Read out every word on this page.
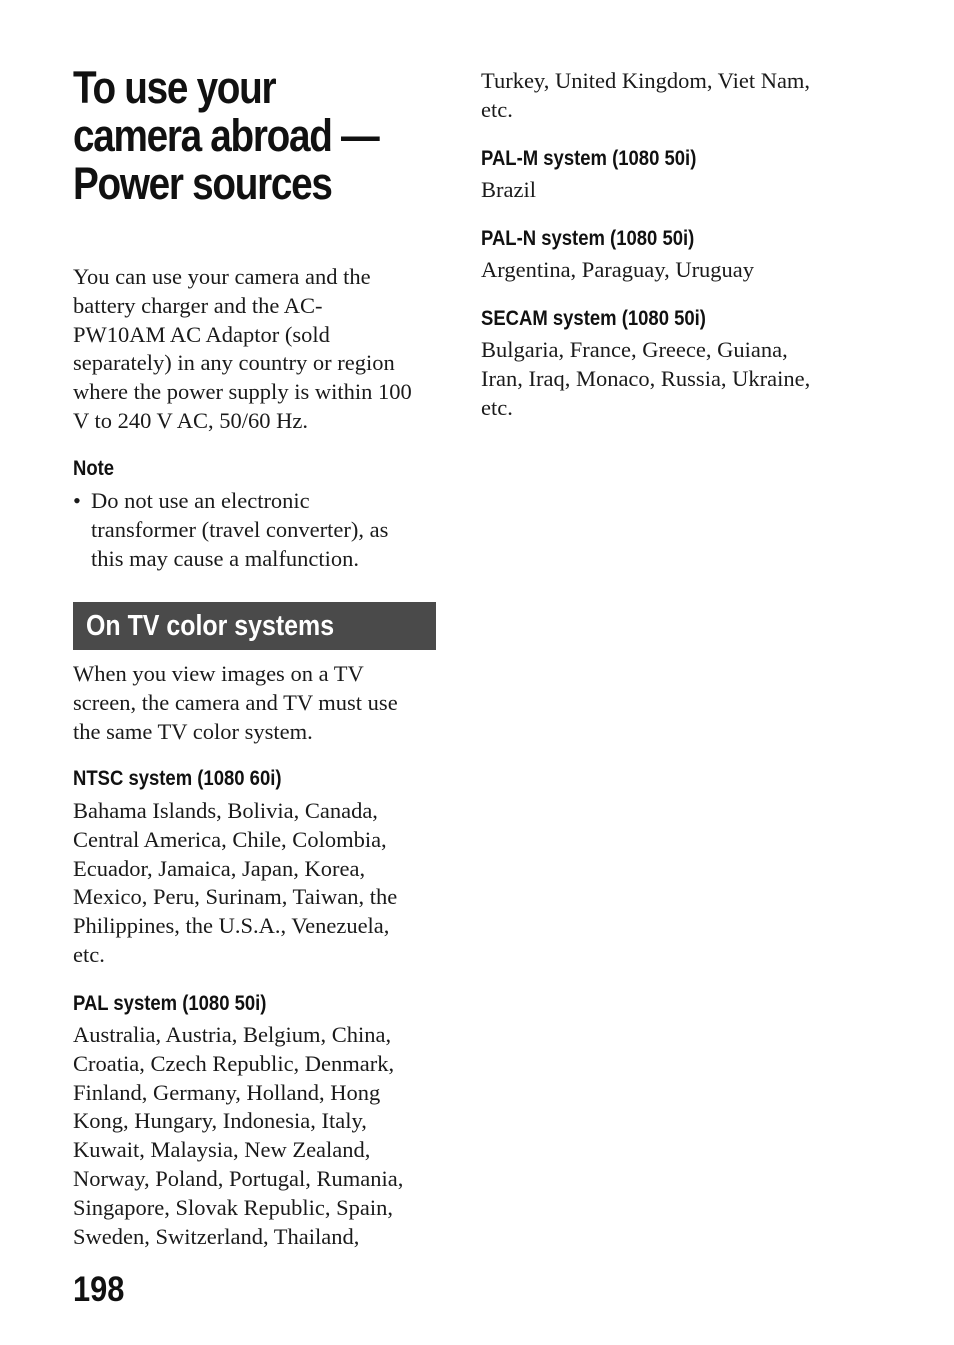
To use your
camera abroad —
Power sources

You can use your camera and the
battery charger and the AC-
PW10AM AC Adaptor (sold
separately) in any country or region
where the power supply is within 100
V to 240 V AC, 50/60 Hz.

Note
• Do not use an electronic
transformer (travel converter), as
this may cause a malfunction.
On TV color systems

When you view images on a TV
screen, the camera and TV must use
the same TV color system.

NTSC system (1080 60i)

Bahama Islands, Bolivia, Canada,
Central America, Chile, Colombia,
Ecuador, Jamaica, Japan, Korea,
Mexico, Peru, Surinam, Taiwan, the
Philippines, the U.S.A., Venezuela,
etc.

PAL system (1080 50i)

Australia, Austria, Belgium, China,
Croatia, Czech Republic, Denmark,
Finland, Germany, Holland, Hong
Kong, Hungary, Indonesia, Italy,
Kuwait, Malaysia, New Zealand,
Norway, Poland, Portugal, Rumania,
Singapore, Slovak Republic, Spain,
Sweden, Switzerland, Thailand,

198

Turkey, United Kingdom, Viet Nam,
etc.

PAL-M system (1080 50i)

Brazil

PAL-N system (1080 50i)

Argentina, Paraguay, Uruguay

SECAM system (1080 50i)

Bulgaria, France, Greece, Guiana,
Iran, Iraq, Monaco, Russia, Ukraine,
etc.
